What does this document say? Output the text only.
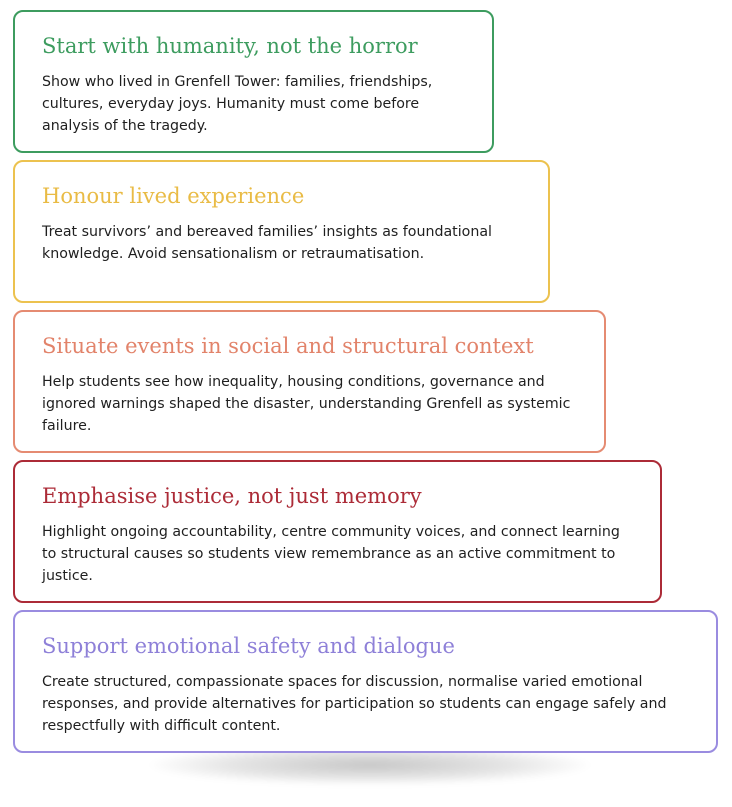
Start with humanity, not the horror

Show who lived in Grenfell Tower: families, friendships, cultures, everyday joys. Humanity must come before analysis of the tragedy.

Honour lived experience

Treat survivors’ and bereaved families’ insights as foundational knowledge. Avoid sensationalism or retraumatisation.

Situate events in social and structural context

Help students see how inequality, housing conditions, governance and ignored warnings shaped the disaster, understanding Grenfell as systemic failure.

Emphasise justice, not just memory

Highlight ongoing accountability, centre community voices, and connect learning to structural causes so students view remembrance as an active commitment to justice.

Support emotional safety and dialogue

Create structured, compassionate spaces for discussion, normalise varied emotional responses, and provide alternatives for participation so students can engage safely and respectfully with difficult content.
